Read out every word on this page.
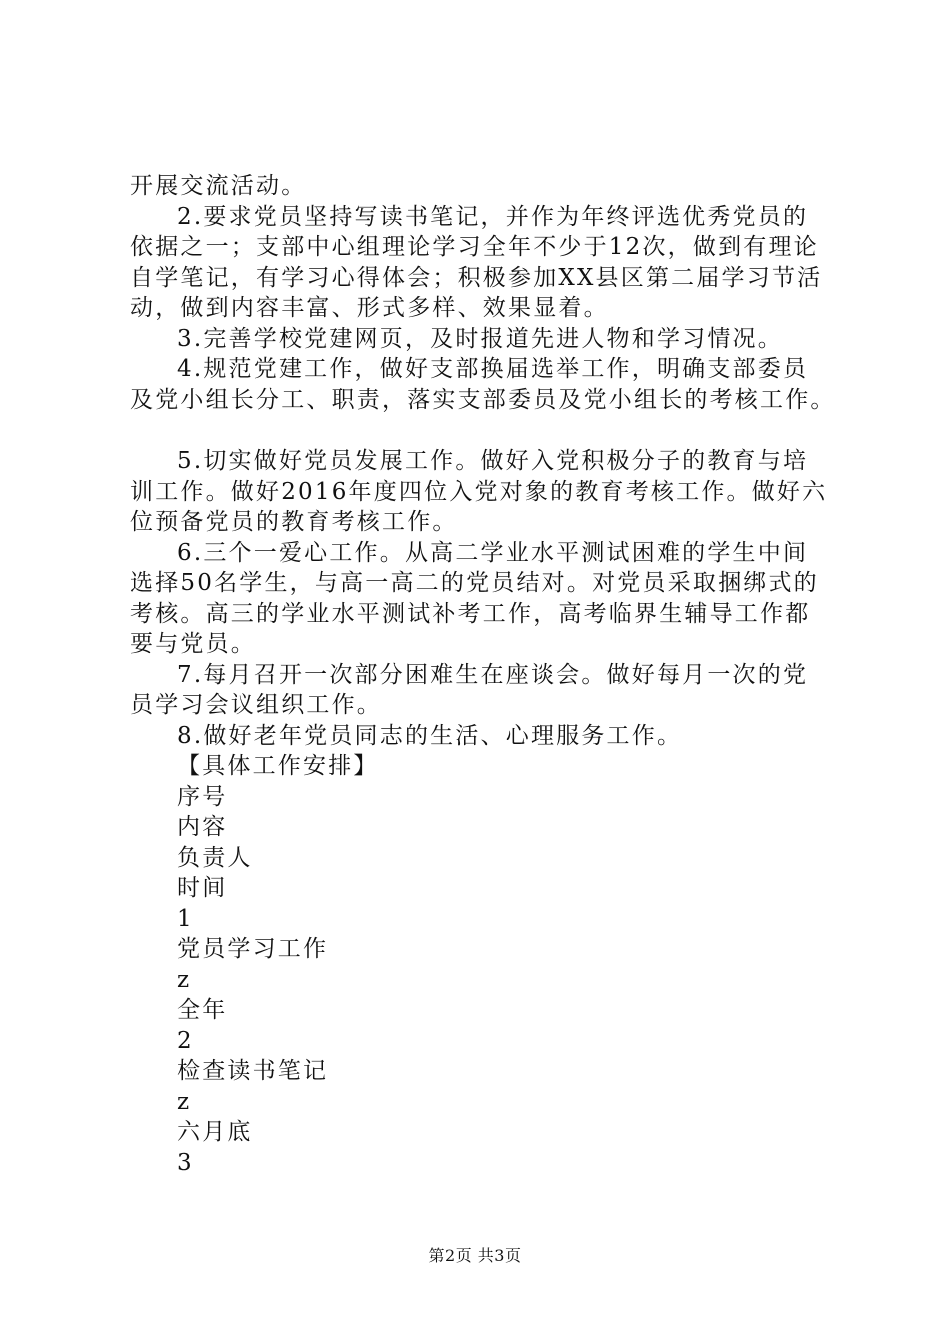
开展交流活动。

2.要求党员坚持写读书笔记，并作为年终评选优秀党员的

依据之一；支部中心组理论学习全年不少于12次，做到有理论

自学笔记，有学习心得体会；积极参加XX县区第二届学习节活

动，做到内容丰富、形式多样、效果显着。

3.完善学校党建网页，及时报道先进人物和学习情况。

4.规范党建工作，做好支部换届选举工作，明确支部委员

及党小组长分工、职责，落实支部委员及党小组长的考核工作。

5.切实做好党员发展工作。做好入党积极分子的教育与培

训工作。做好2016年度四位入党对象的教育考核工作。做好六

位预备党员的教育考核工作。

6.三个一爱心工作。从高二学业水平测试困难的学生中间

选择50名学生，与高一高二的党员结对。对党员采取捆绑式的

考核。高三的学业水平测试补考工作，高考临界生辅导工作都

要与党员。

7.每月召开一次部分困难生在座谈会。做好每月一次的党

员学习会议组织工作。

8.做好老年党员同志的生活、心理服务工作。

【具体工作安排】

序号

内容

负责人

时间

1

党员学习工作

z

全年

2

检查读书笔记

z

六月底

3

第2页 共3页
